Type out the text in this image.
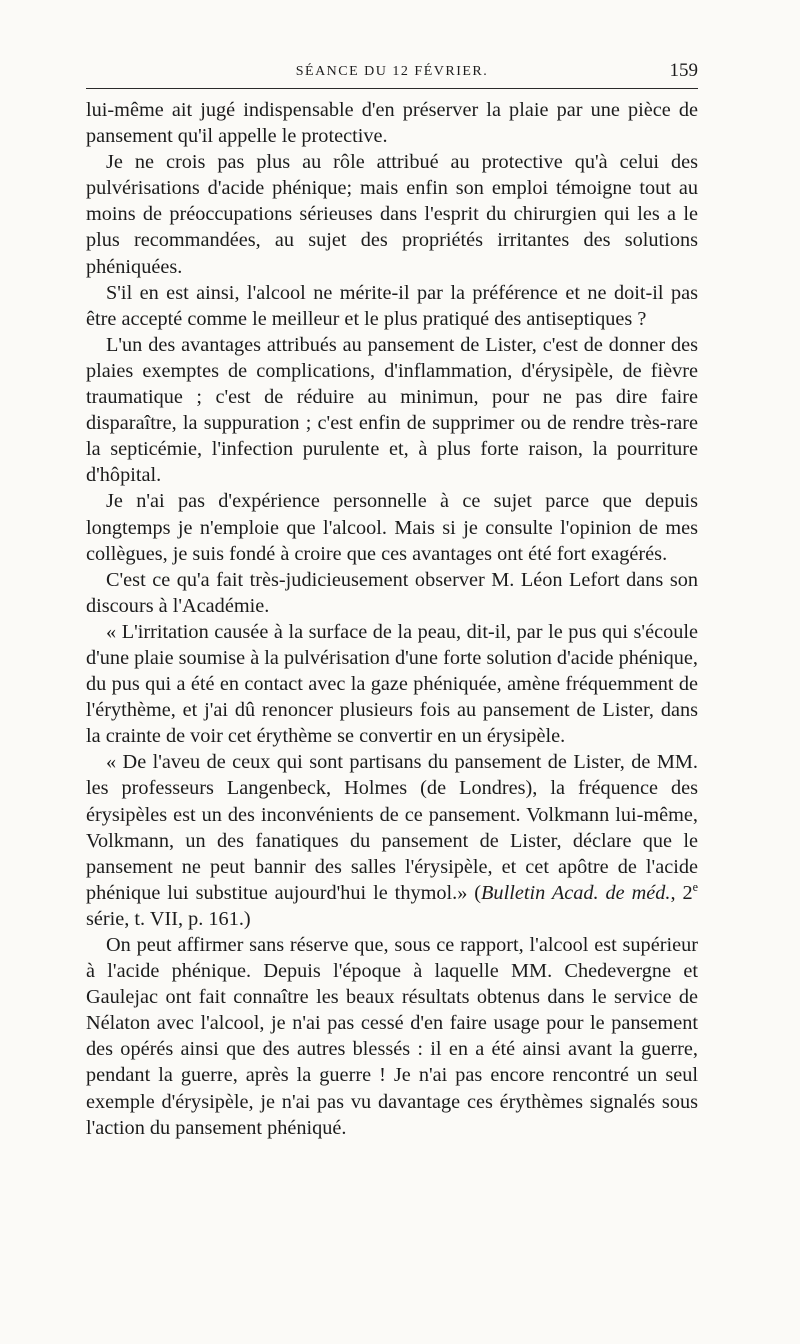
SÉANCE DU 12 FÉVRIER.	159

lui-même ait jugé indispensable d'en préserver la plaie par une pièce de pansement qu'il appelle le protective.

Je ne crois pas plus au rôle attribué au protective qu'à celui des pulvérisations d'acide phénique; mais enfin son emploi témoigne tout au moins de préoccupations sérieuses dans l'esprit du chirurgien qui les a le plus recommandées, au sujet des propriétés irritantes des solutions phéniquées.

S'il en est ainsi, l'alcool ne mérite-il par la préférence et ne doit-il pas être accepté comme le meilleur et le plus pratiqué des antiseptiques ?

L'un des avantages attribués au pansement de Lister, c'est de donner des plaies exemptes de complications, d'inflammation, d'érysipèle, de fièvre traumatique ; c'est de réduire au minimun, pour ne pas dire faire disparaître, la suppuration ; c'est enfin de supprimer ou de rendre très-rare la septicémie, l'infection purulente et, à plus forte raison, la pourriture d'hôpital.

Je n'ai pas d'expérience personnelle à ce sujet parce que depuis longtemps je n'emploie que l'alcool. Mais si je consulte l'opinion de mes collègues, je suis fondé à croire que ces avantages ont été fort exagérés.

C'est ce qu'a fait très-judicieusement observer M. Léon Lefort dans son discours à l'Académie.

« L'irritation causée à la surface de la peau, dit-il, par le pus qui s'écoule d'une plaie soumise à la pulvérisation d'une forte solution d'acide phénique, du pus qui a été en contact avec la gaze phéniquée, amène fréquemment de l'érythème, et j'ai dû renoncer plusieurs fois au pansement de Lister, dans la crainte de voir cet érythème se convertir en un érysipèle.

« De l'aveu de ceux qui sont partisans du pansement de Lister, de MM. les professeurs Langenbeck, Holmes (de Londres), la fréquence des érysipèles est un des inconvénients de ce pansement. Volkmann lui-même, Volkmann, un des fanatiques du pansement de Lister, déclare que le pansement ne peut bannir des salles l'érysipèle, et cet apôtre de l'acide phénique lui substitue aujourd'hui le thymol.» (Bulletin Acad. de méd., 2e série, t. VII, p. 161.)

On peut affirmer sans réserve que, sous ce rapport, l'alcool est supérieur à l'acide phénique. Depuis l'époque à laquelle MM. Chedevergne et Gaulejac ont fait connaître les beaux résultats obtenus dans le service de Nélaton avec l'alcool, je n'ai pas cessé d'en faire usage pour le pansement des opérés ainsi que des autres blessés : il en a été ainsi avant la guerre, pendant la guerre, après la guerre ! Je n'ai pas encore rencontré un seul exemple d'érysipèle, je n'ai pas vu davantage ces érythèmes signalés sous l'action du pansement phéniqué.
